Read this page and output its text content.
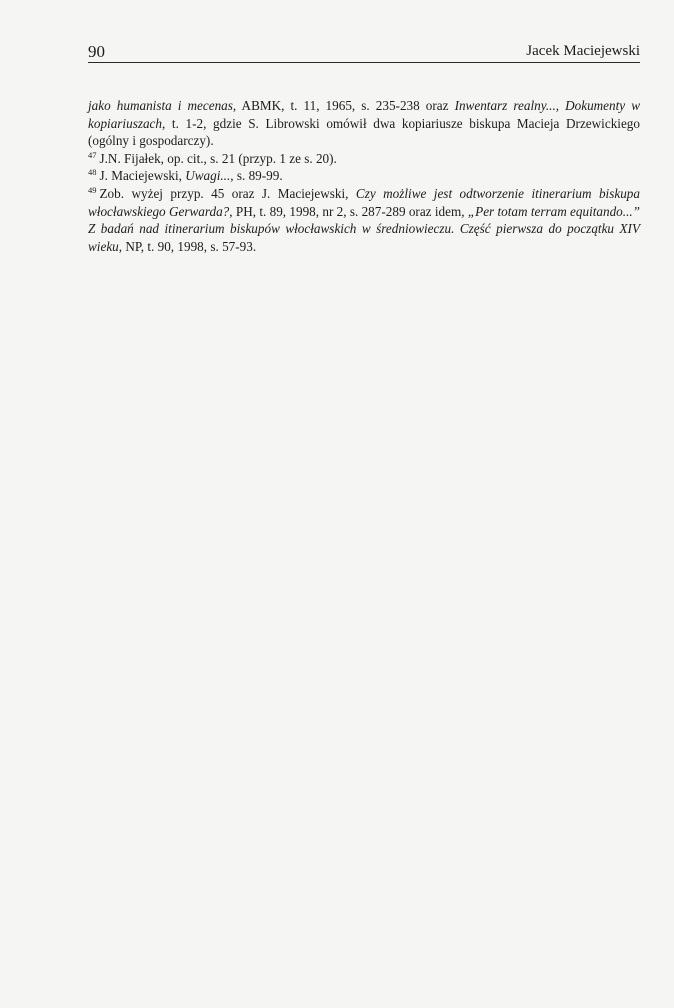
90	Jacek Maciejewski

jako humanista i mecenas, ABMK, t. 11, 1965, s. 235-238 oraz Inwentarz realny..., Dokumenty w kopiariuszach, t. 1-2, gdzie S. Librowski omówił dwa kopiariusze biskupa Macieja Drzewickiego (ogólny i gospodarczy).

$^{47}$ J.N. Fijałek, op. cit., s. 21 (przyp. 1 ze s. 20).

$^{48}$ J. Maciejewski, Uwagi..., s. 89-99.

$^{49}$ Zob. wyżej przyp. 45 oraz J. Maciejewski, Czy możliwe jest odtworzenie itinerarium biskupa włocławskiego Gerwarda?, PH, t. 89, 1998, nr 2, s. 287-289 oraz idem, „Per totam terram equitando...” Z badań nad itinerarium biskupów włocławskich w średniowieczu. Część pierwsza do początku XIV wieku, NP, t. 90, 1998, s. 57-93.
